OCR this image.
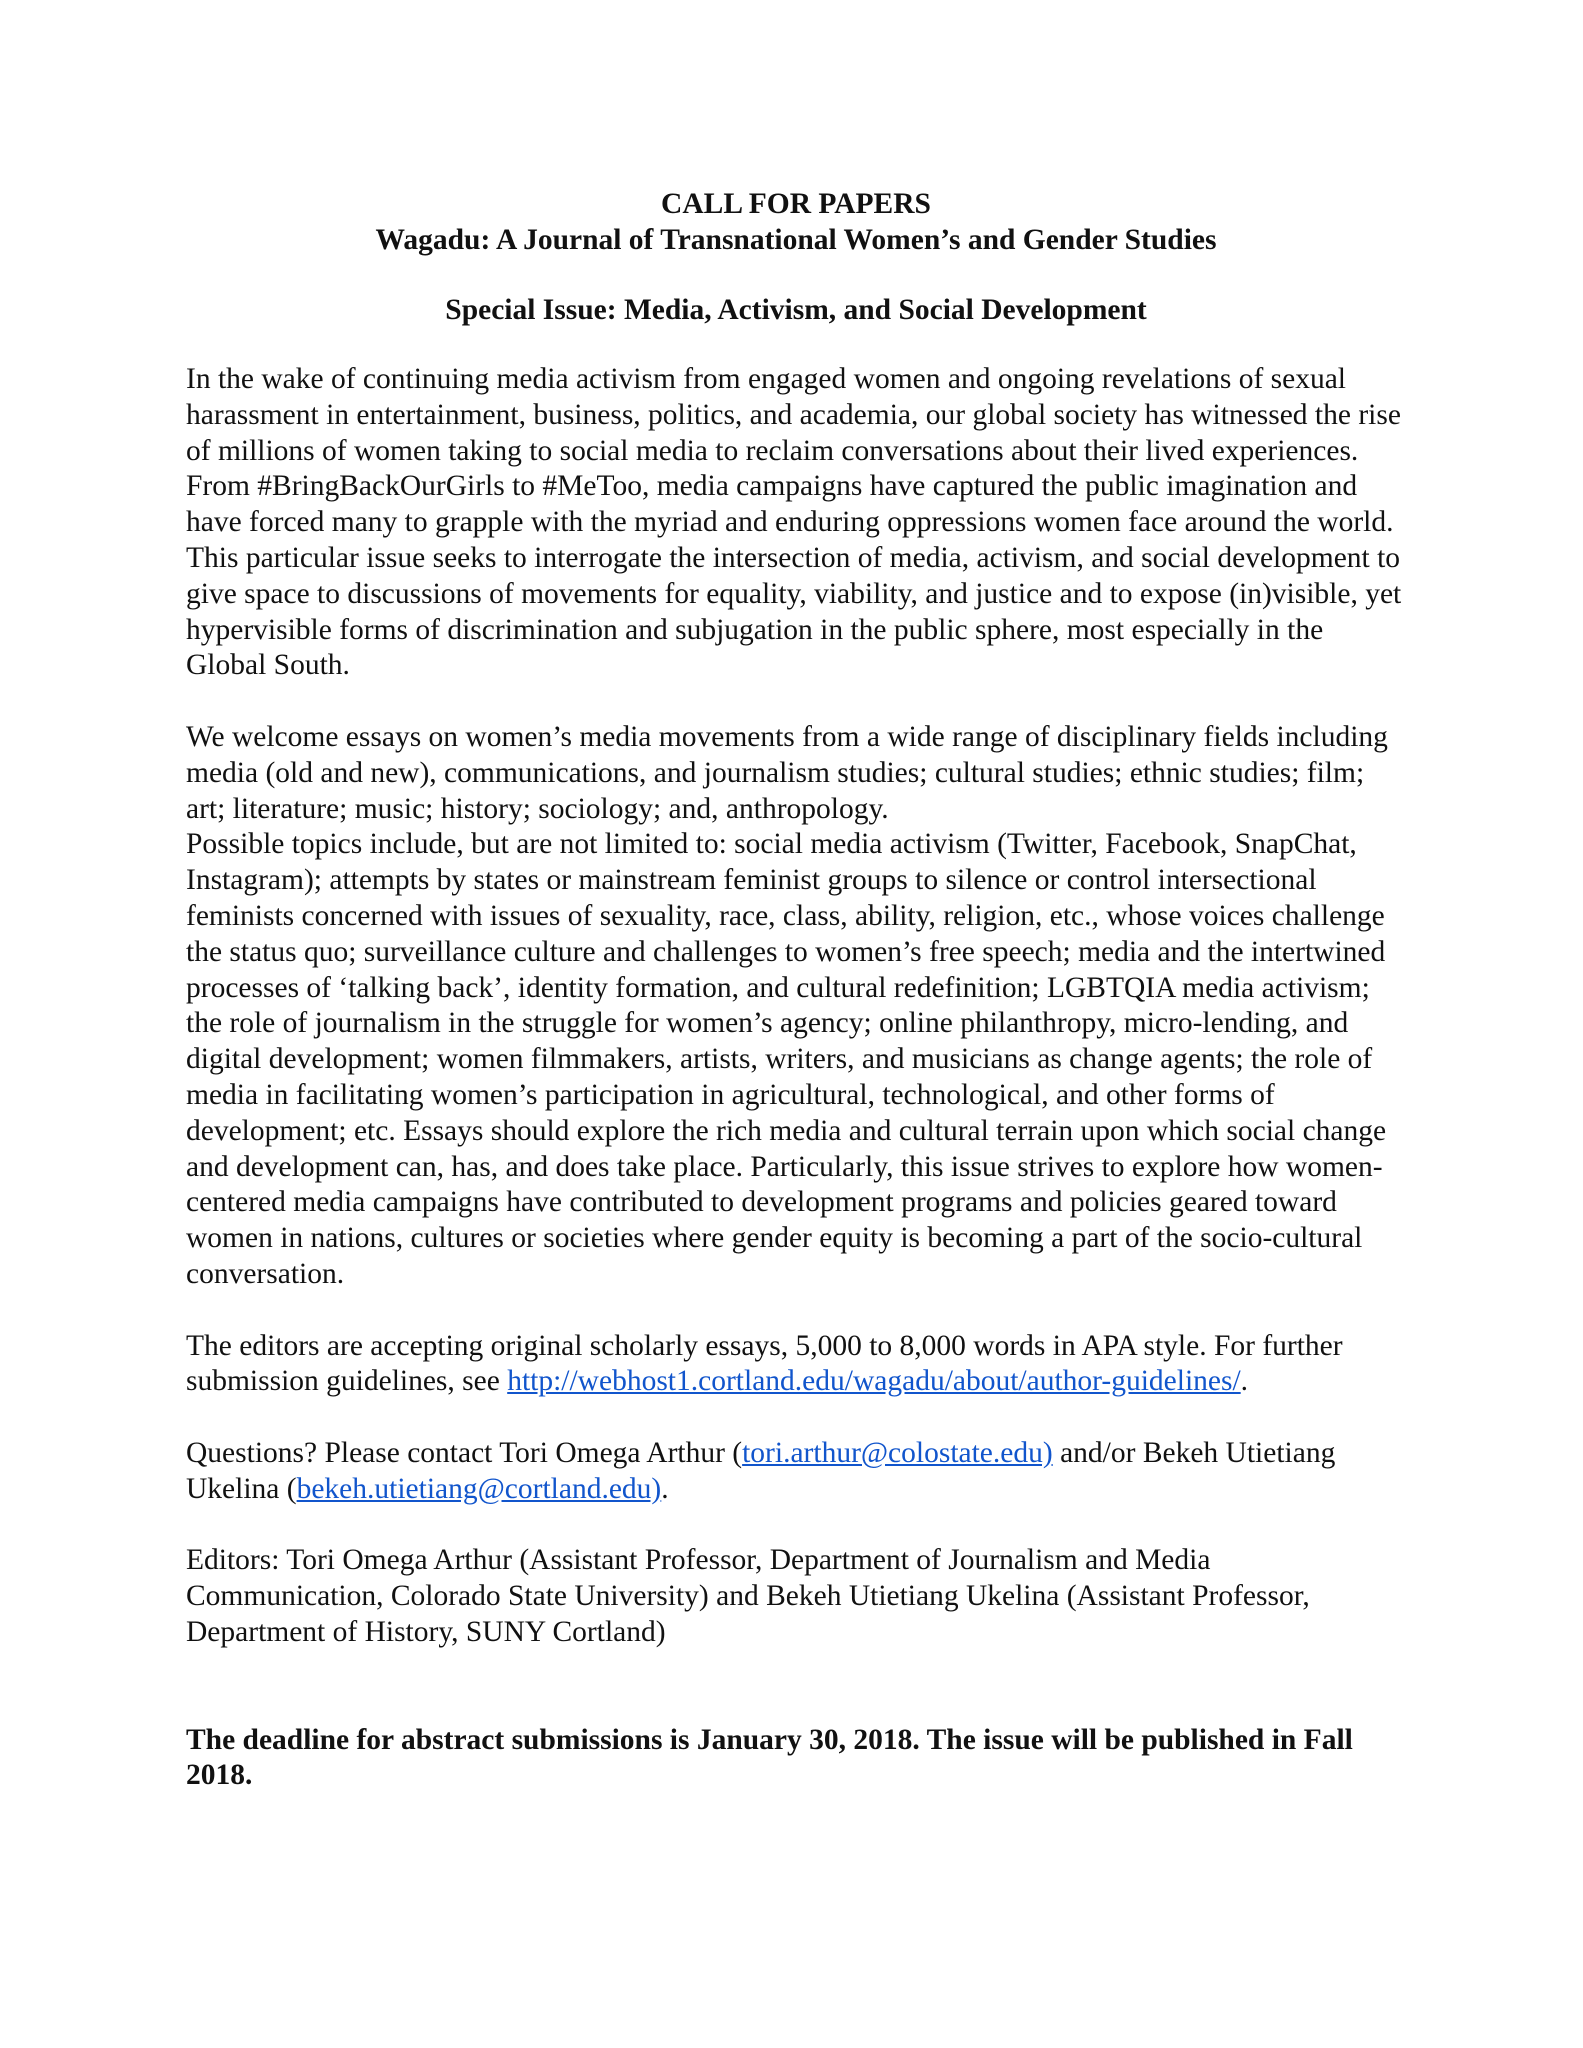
CALL FOR PAPERS
Wagadu: A Journal of Transnational Women’s and Gender Studies
Special Issue: Media, Activism, and Social Development

In the wake of continuing media activism from engaged women and ongoing revelations of sexual harassment in entertainment, business, politics, and academia, our global society has witnessed the rise of millions of women taking to social media to reclaim conversations about their lived experiences. From #BringBackOurGirls to #MeToo, media campaigns have captured the public imagination and have forced many to grapple with the myriad and enduring oppressions women face around the world. This particular issue seeks to interrogate the intersection of media, activism, and social development to give space to discussions of movements for equality, viability, and justice and to expose (in)visible, yet hypervisible forms of discrimination and subjugation in the public sphere, most especially in the Global South.

We welcome essays on women’s media movements from a wide range of disciplinary fields including media (old and new), communications, and journalism studies; cultural studies; ethnic studies; film; art; literature; music; history; sociology; and, anthropology.

Possible topics include, but are not limited to: social media activism (Twitter, Facebook, SnapChat, Instagram); attempts by states or mainstream feminist groups to silence or control intersectional feminists concerned with issues of sexuality, race, class, ability, religion, etc., whose voices challenge the status quo; surveillance culture and challenges to women’s free speech; media and the intertwined processes of ‘talking back’, identity formation, and cultural redefinition; LGBTQIA media activism; the role of journalism in the struggle for women’s agency; online philanthropy, micro-lending, and digital development; women filmmakers, artists, writers, and musicians as change agents; the role of media in facilitating women’s participation in agricultural, technological, and other forms of development; etc. Essays should explore the rich media and cultural terrain upon which social change and development can, has, and does take place. Particularly, this issue strives to explore how women-centered media campaigns have contributed to development programs and policies geared toward women in nations, cultures or societies where gender equity is becoming a part of the socio-cultural conversation.

The editors are accepting original scholarly essays, 5,000 to 8,000 words in APA style. For further submission guidelines, see http://webhost1.cortland.edu/wagadu/about/author-guidelines/.

Questions? Please contact Tori Omega Arthur (tori.arthur@colostate.edu) and/or Bekeh Utietiang Ukelina (bekeh.utietiang@cortland.edu).

Editors: Tori Omega Arthur (Assistant Professor, Department of Journalism and Media Communication, Colorado State University) and Bekeh Utietiang Ukelina (Assistant Professor, Department of History, SUNY Cortland)

The deadline for abstract submissions is January 30, 2018. The issue will be published in Fall 2018.
